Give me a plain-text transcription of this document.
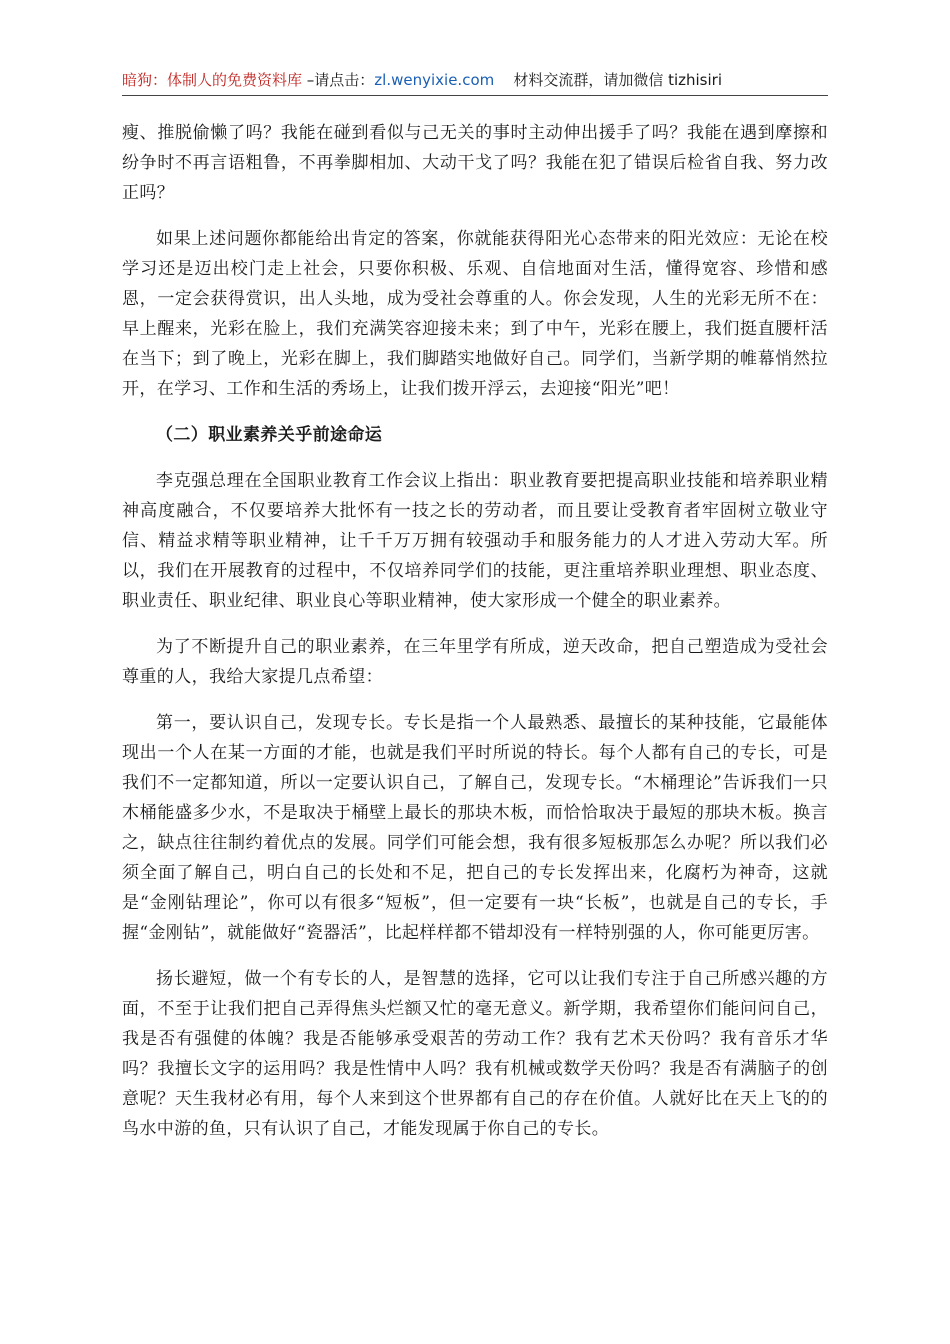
暗狗：体制人的免费资料库 –请点击：zl.wenyixie.com 材料交流群，请加微信 tizhisiri

瘦、推脱偷懒了吗？我能在碰到看似与己无关的事时主动伸出援手了吗？我能在遇到摩擦和纷争时不再言语粗鲁，不再拳脚相加、大动干戈了吗？我能在犯了错误后检省自我、努力改正吗？

如果上述问题你都能给出肯定的答案，你就能获得阳光心态带来的阳光效应：无论在校学习还是迈出校门走上社会，只要你积极、乐观、自信地面对生活，懂得宽容、珍惜和感恩，一定会获得赏识，出人头地，成为受社会尊重的人。你会发现，人生的光彩无所不在：早上醒来，光彩在脸上，我们充满笑容迎接未来；到了中午，光彩在腰上，我们挺直腰杆活在当下；到了晚上，光彩在脚上，我们脚踏实地做好自己。同学们，当新学期的帷幕悄然拉开，在学习、工作和生活的秀场上，让我们拨开浮云，去迎接“阳光”吧！

（二）职业素养关乎前途命运

李克强总理在全国职业教育工作会议上指出：职业教育要把提高职业技能和培养职业精神高度融合，不仅要培养大批怀有一技之长的劳动者，而且要让受教育者牢固树立敬业守信、精益求精等职业精神，让千千万万拥有较强动手和服务能力的人才进入劳动大军。所以，我们在开展教育的过程中，不仅培养同学们的技能，更注重培养职业理想、职业态度、职业责任、职业纪律、职业良心等职业精神，使大家形成一个健全的职业素养。

为了不断提升自己的职业素养，在三年里学有所成，逆天改命，把自己塑造成为受社会尊重的人，我给大家提几点希望：

第一，要认识自己，发现专长。专长是指一个人最熟悉、最擅长的某种技能，它最能体现出一个人在某一方面的才能，也就是我们平时所说的特长。每个人都有自己的专长，可是我们不一定都知道，所以一定要认识自己，了解自己，发现专长。“木桶理论”告诉我们一只木桶能盛多少水，不是取决于桶壁上最长的那块木板，而恰恰取决于最短的那块木板。换言之，缺点往往制约着优点的发展。同学们可能会想，我有很多短板那怎么办呢？所以我们必须全面了解自己，明白自己的长处和不足，把自己的专长发挥出来，化腐朽为神奇，这就是“金刚钻理论”，你可以有很多“短板”，但一定要有一块“长板”，也就是自己的专长，手握“金刚钻”，就能做好“瓷器活”，比起样样都不错却没有一样特别强的人，你可能更厉害。

扬长避短，做一个有专长的人，是智慧的选择，它可以让我们专注于自己所感兴趣的方面，不至于让我们把自己弄得焦头烂额又忙的毫无意义。新学期，我希望你们能问问自己，我是否有强健的体魄？我是否能够承受艰苦的劳动工作？我有艺术天份吗？我有音乐才华吗？我擅长文字的运用吗？我是性情中人吗？我有机械或数学天份吗？我是否有满脑子的创意呢？天生我材必有用，每个人来到这个世界都有自己的存在价值。人就好比在天上飞的的鸟水中游的鱼，只有认识了自己，才能发现属于你自己的专长。
